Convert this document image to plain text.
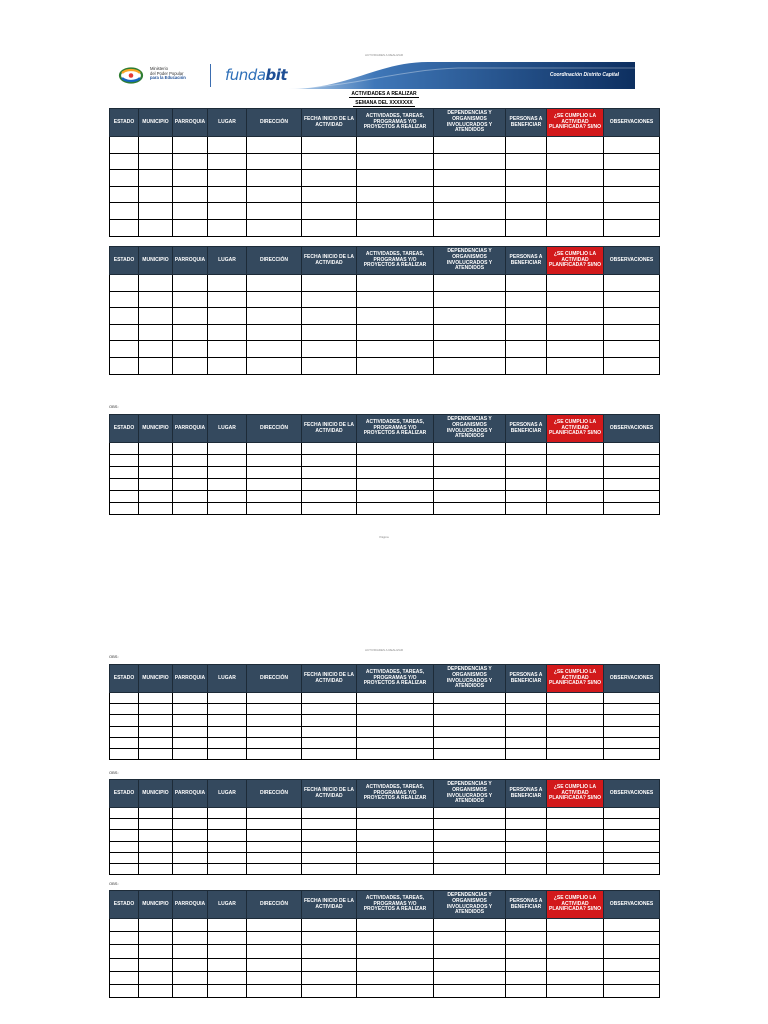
ACTIVIDADES A REALIZAR
Ministerio
del Poder Popular
para la Educación	fundabit	Coordinación Distrito Capital
ACTIVIDADES A REALIZAR
SEMANA DEL XXXXXXX
ESTADO	MUNICIPIO	PARROQUIA	LUGAR	DIRECCIÓN	FECHA INICIO DE LA ACTIVIDAD	ACTIVIDADES, TAREAS, PROGRAMAS Y/O PROYECTOS A REALIZAR	DEPENDENCIAS Y ORGANISMOS INVOLUCRADOS Y ATENDIDOS	PERSONAS A BENEFICIAR	¿SE CUMPLIO LA ACTIVIDAD PLANIFICADA? SI/NO	OBSERVACIONES

ESTADO	MUNICIPIO	PARROQUIA	LUGAR	DIRECCIÓN	FECHA INICIO DE LA ACTIVIDAD	ACTIVIDADES, TAREAS, PROGRAMAS Y/O PROYECTOS A REALIZAR	DEPENDENCIAS Y ORGANISMOS INVOLUCRADOS Y ATENDIDOS	PERSONAS A BENEFICIAR	¿SE CUMPLIO LA ACTIVIDAD PLANIFICADA? SI/NO	OBSERVACIONES

OBS:
ESTADO	MUNICIPIO	PARROQUIA	LUGAR	DIRECCIÓN	FECHA INICIO DE LA ACTIVIDAD	ACTIVIDADES, TAREAS, PROGRAMAS Y/O PROYECTOS A REALIZAR	DEPENDENCIAS Y ORGANISMOS INVOLUCRADOS Y ATENDIDOS	PERSONAS A BENEFICIAR	¿SE CUMPLIO LA ACTIVIDAD PLANIFICADA? SI/NO	OBSERVACIONES

Página
ACTIVIDADES A REALIZAR
OBS:
ESTADO	MUNICIPIO	PARROQUIA	LUGAR	DIRECCIÓN	FECHA INICIO DE LA ACTIVIDAD	ACTIVIDADES, TAREAS, PROGRAMAS Y/O PROYECTOS A REALIZAR	DEPENDENCIAS Y ORGANISMOS INVOLUCRADOS Y ATENDIDOS	PERSONAS A BENEFICIAR	¿SE CUMPLIO LA ACTIVIDAD PLANIFICADA? SI/NO	OBSERVACIONES

OBS:
ESTADO	MUNICIPIO	PARROQUIA	LUGAR	DIRECCIÓN	FECHA INICIO DE LA ACTIVIDAD	ACTIVIDADES, TAREAS, PROGRAMAS Y/O PROYECTOS A REALIZAR	DEPENDENCIAS Y ORGANISMOS INVOLUCRADOS Y ATENDIDOS	PERSONAS A BENEFICIAR	¿SE CUMPLIO LA ACTIVIDAD PLANIFICADA? SI/NO	OBSERVACIONES

OBS:
ESTADO	MUNICIPIO	PARROQUIA	LUGAR	DIRECCIÓN	FECHA INICIO DE LA ACTIVIDAD	ACTIVIDADES, TAREAS, PROGRAMAS Y/O PROYECTOS A REALIZAR	DEPENDENCIAS Y ORGANISMOS INVOLUCRADOS Y ATENDIDOS	PERSONAS A BENEFICIAR	¿SE CUMPLIO LA ACTIVIDAD PLANIFICADA? SI/NO	OBSERVACIONES
